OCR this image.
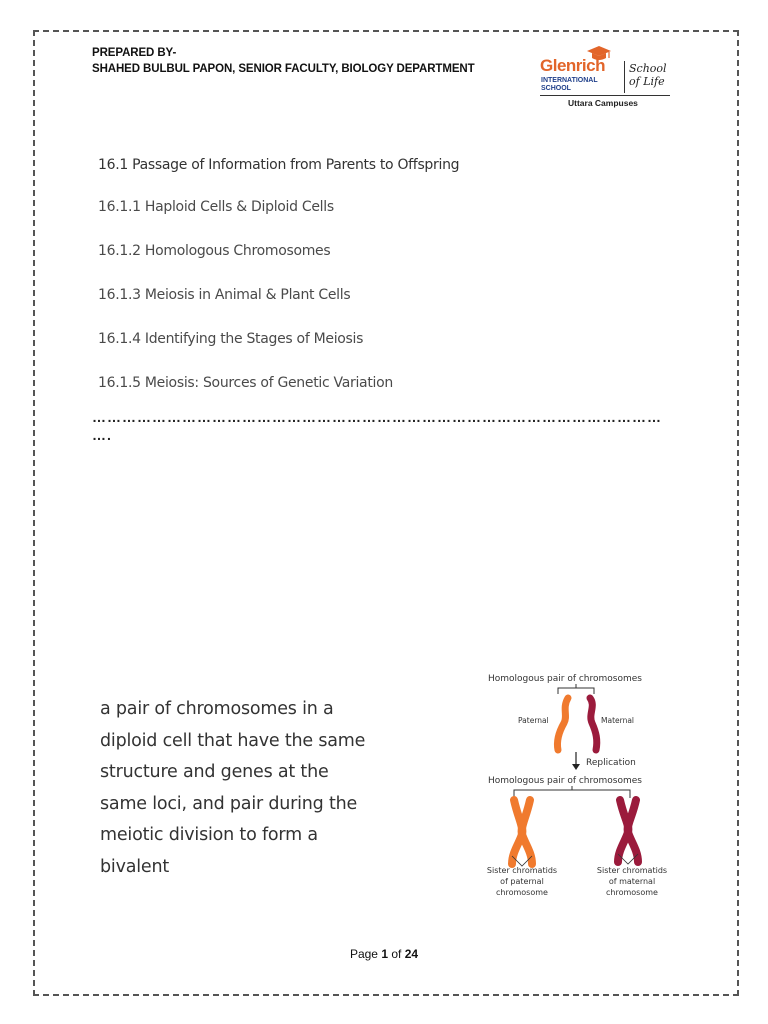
PREPARED BY-
SHAHED BULBUL PAPON, SENIOR FACULTY, BIOLOGY DEPARTMENT	Glenrich
INTERNATIONAL
SCHOOL
School
of Life
Uttara Campuses
16.1 Passage of Information from Parents to Offspring
16.1.1 Haploid Cells & Diploid Cells
16.1.2 Homologous Chromosomes
16.1.3 Meiosis in Animal & Plant Cells
16.1.4 Identifying the Stages of Meiosis
16.1.5 Meiosis: Sources of Genetic Variation
……………………………………………………………………………………………………
….
a pair of chromosomes in a
diploid cell that have the same
structure and genes at the
same loci, and pair during the
meiotic division to form a
bivalent
Homologous pair of chromosomes
Paternal	Maternal
Replication
Homologous pair of chromosomes
Sister chromatids
of paternal
chromosome
Sister chromatids
of maternal
chromosome
Page 1 of 24
